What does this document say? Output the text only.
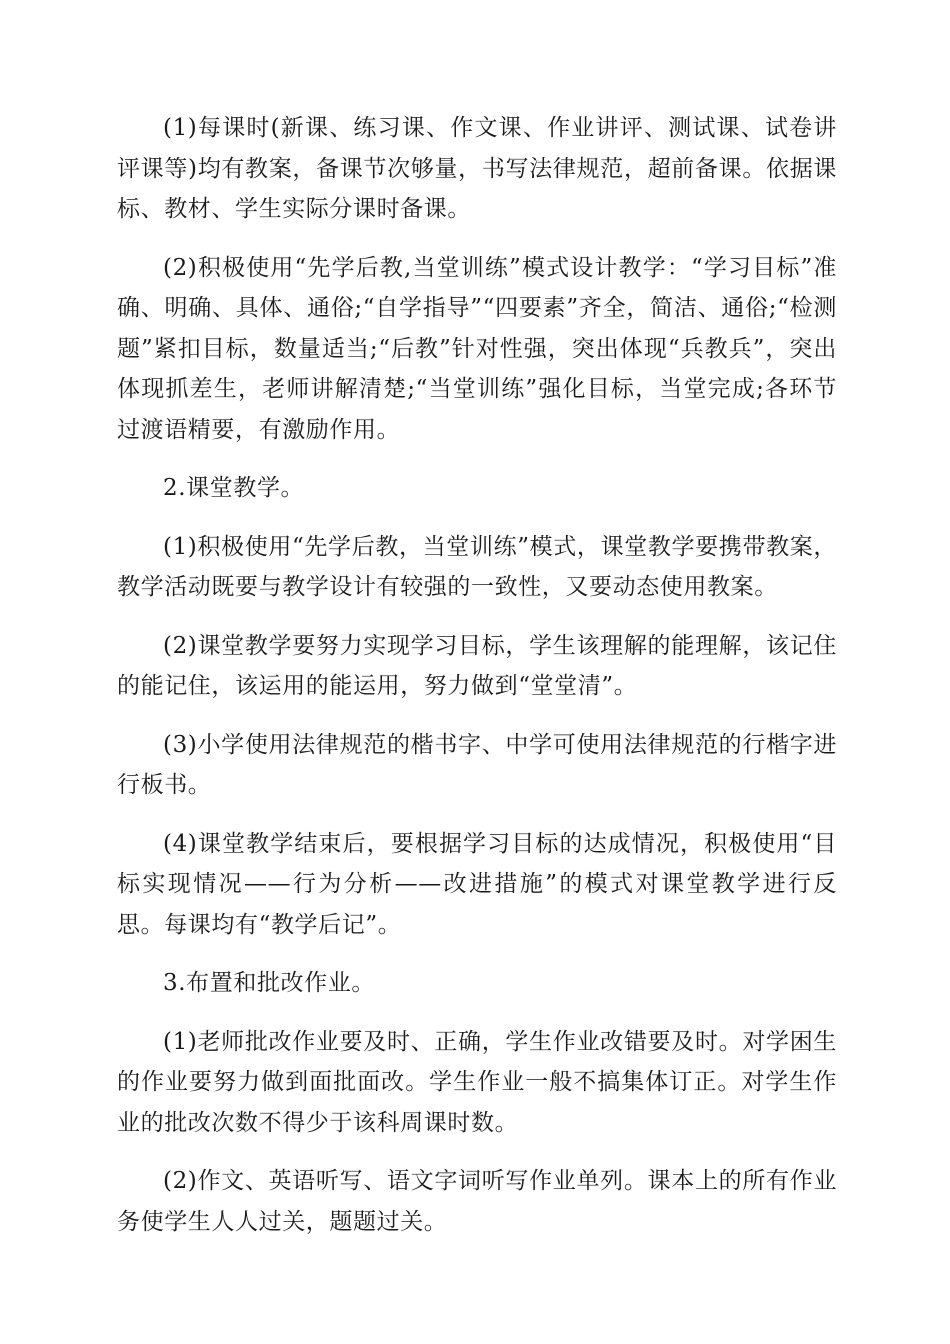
(1)每课时(新课、练习课、作文课、作业讲评、测试课、试卷讲评课等)均有教案，备课节次够量，书写法律规范，超前备课。依据课标、教材、学生实际分课时备课。

(2)积极使用“先学后教,当堂训练”模式设计教学：“学习目标”准确、明确、具体、通俗;“自学指导”“四要素”齐全，简洁、通俗;“检测题”紧扣目标，数量适当;“后教”针对性强，突出体现“兵教兵”，突出体现抓差生，老师讲解清楚;“当堂训练”强化目标，当堂完成;各环节过渡语精要，有激励作用。

2.课堂教学。

(1)积极使用“先学后教，当堂训练”模式，课堂教学要携带教案，教学活动既要与教学设计有较强的一致性，又要动态使用教案。

(2)课堂教学要努力实现学习目标，学生该理解的能理解，该记住的能记住，该运用的能运用，努力做到“堂堂清”。

(3)小学使用法律规范的楷书字、中学可使用法律规范的行楷字进行板书。

(4)课堂教学结束后，要根据学习目标的达成情况，积极使用“目标实现情况——行为分析——改进措施”的模式对课堂教学进行反思。每课均有“教学后记”。

3.布置和批改作业。

(1)老师批改作业要及时、正确，学生作业改错要及时。对学困生的作业要努力做到面批面改。学生作业一般不搞集体订正。对学生作业的批改次数不得少于该科周课时数。

(2)作文、英语听写、语文字词听写作业单列。课本上的所有作业务使学生人人过关，题题过关。
